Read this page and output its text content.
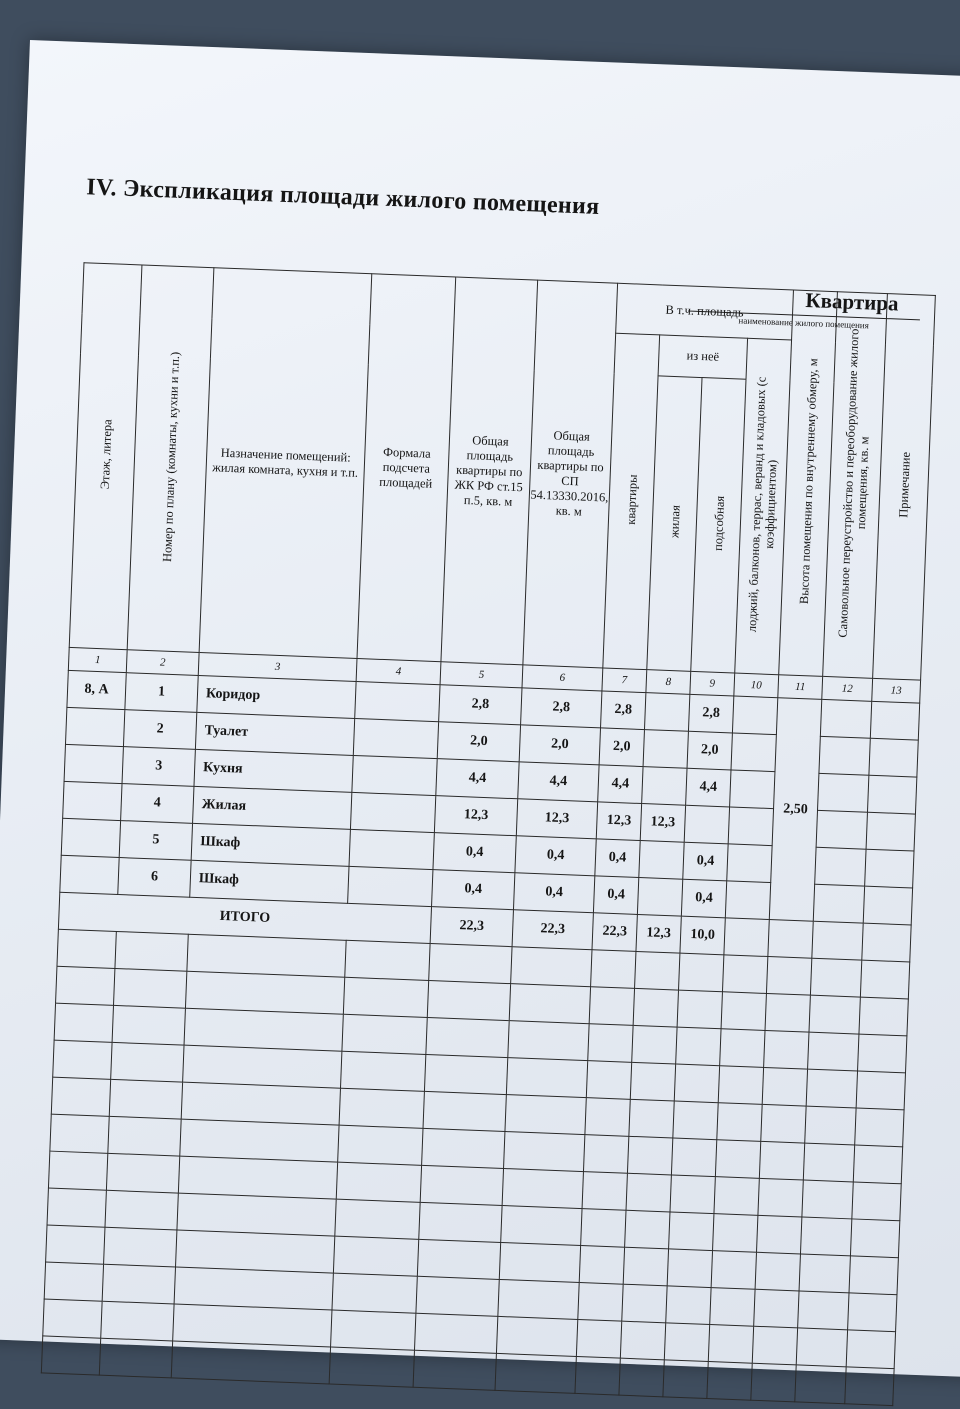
IV. Экспликация площади жилого помещения
Квартира
наименование жилого помещения
Этаж, литера	Номер по плану (комнаты, кухни и т.п.)	Назначение помещений: жилая комната, кухня и т.п.	Формала подсчета площадей	Общая площадь квартиры по ЖК РФ ст.15 п.5, кв. м	Общая площадь квартиры по СП 54.13330.2016, кв. м	В т.ч. площадь				Высота помещения по внутреннему обмеру, м	Самовольное переустройство и переоборудование жилого помещения, кв. м	Примечание
						квартиры	из неё		лоджий, балконов, террас, веранд и кладовых (с коэффициентом)			
							жилая	подсобная				
1	2	3	4	5	6	7	8	9	10	11	12	13
8, А	1	Коридор		2,8	2,8	2,8		2,8		2,50		
	2	Туалет		2,0	2,0	2,0		2,0				
	3	Кухня		4,4	4,4	4,4		4,4				
	4	Жилая		12,3	12,3	12,3	12,3					
	5	Шкаф		0,4	0,4	0,4		0,4				
	6	Шкаф		0,4	0,4	0,4		0,4				
ИТОГО				22,3	22,3	22,3	12,3	10,0				
